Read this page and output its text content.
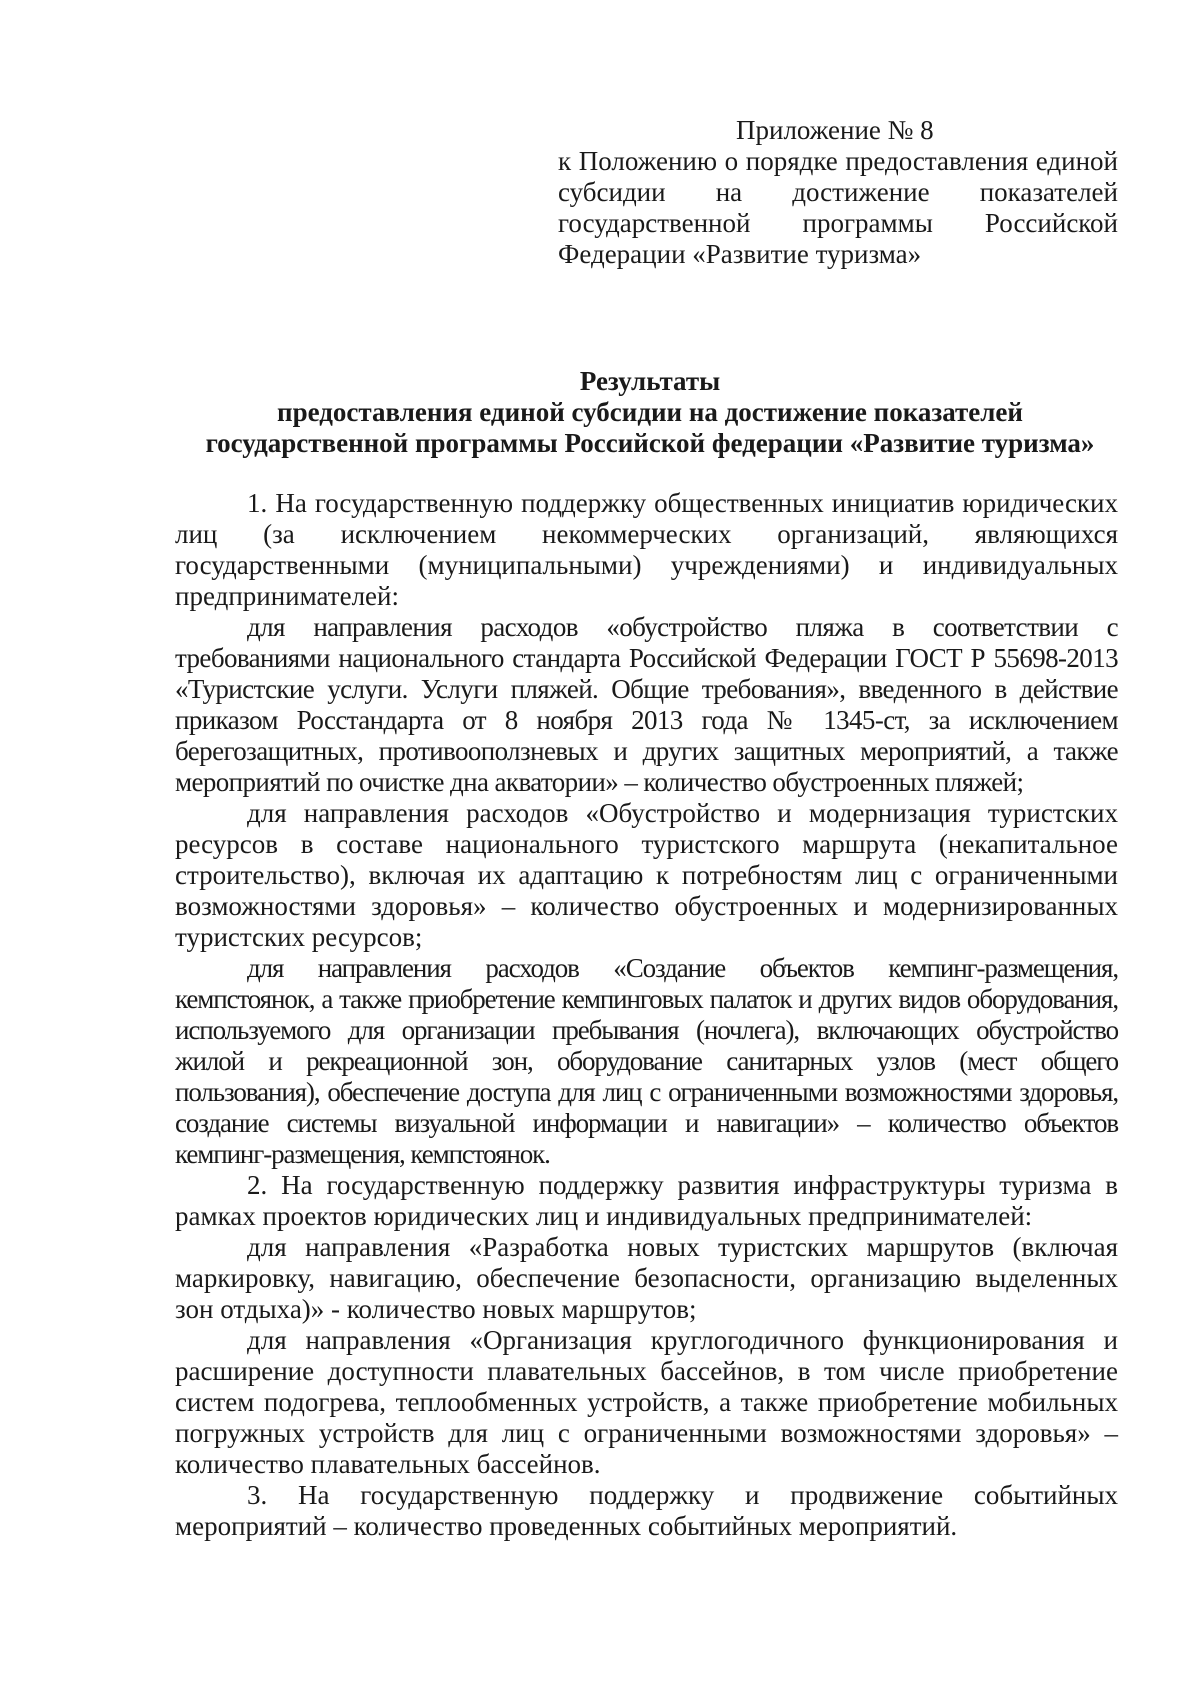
Приложение № 8
к Положению о порядке предоставления единой субсидии на достижение показателей государственной программы Российской Федерации «Развитие туризма»
Результаты
предоставления единой субсидии на достижение показателей
государственной программы Российской федерации «Развитие туризма»

1. На государственную поддержку общественных инициатив юридических лиц (за исключением некоммерческих организаций, являющихся государственными (муниципальными) учреждениями) и индивидуальных предпринимателей:

для направления расходов «обустройство пляжа в соответствии с требованиями национального стандарта Российской Федерации ГОСТ Р 55698-2013 «Туристские услуги. Услуги пляжей. Общие требования», введенного в действие приказом Росстандарта от 8 ноября 2013 года № 1345-ст, за исключением берегозащитных, противооползневых и других защитных мероприятий, а также мероприятий по очистке дна акватории» – количество обустроенных пляжей;

для направления расходов «Обустройство и модернизация туристских ресурсов в составе национального туристского маршрута (некапитальное строительство), включая их адаптацию к потребностям лиц с ограниченными возможностями здоровья» – количество обустроенных и модернизированных туристских ресурсов;

для направления расходов «Создание объектов кемпинг-размещения, кемпстоянок, а также приобретение кемпинговых палаток и других видов оборудования, используемого для организации пребывания (ночлега), включающих обустройство жилой и рекреационной зон, оборудование санитарных узлов (мест общего пользования), обеспечение доступа для лиц с ограниченными возможностями здоровья, создание системы визуальной информации и навигации» – количество объектов кемпинг-размещения, кемпстоянок.

2. На государственную поддержку развития инфраструктуры туризма в рамках проектов юридических лиц и индивидуальных предпринимателей:

для направления «Разработка новых туристских маршрутов (включая маркировку, навигацию, обеспечение безопасности, организацию выделенных зон отдыха)» - количество новых маршрутов;

для направления «Организация круглогодичного функционирования и расширение доступности плавательных бассейнов, в том числе приобретение систем подогрева, теплообменных устройств, а также приобретение мобильных погружных устройств для лиц с ограниченными возможностями здоровья» – количество плавательных бассейнов.

3. На государственную поддержку и продвижение событийных мероприятий – количество проведенных событийных мероприятий.
